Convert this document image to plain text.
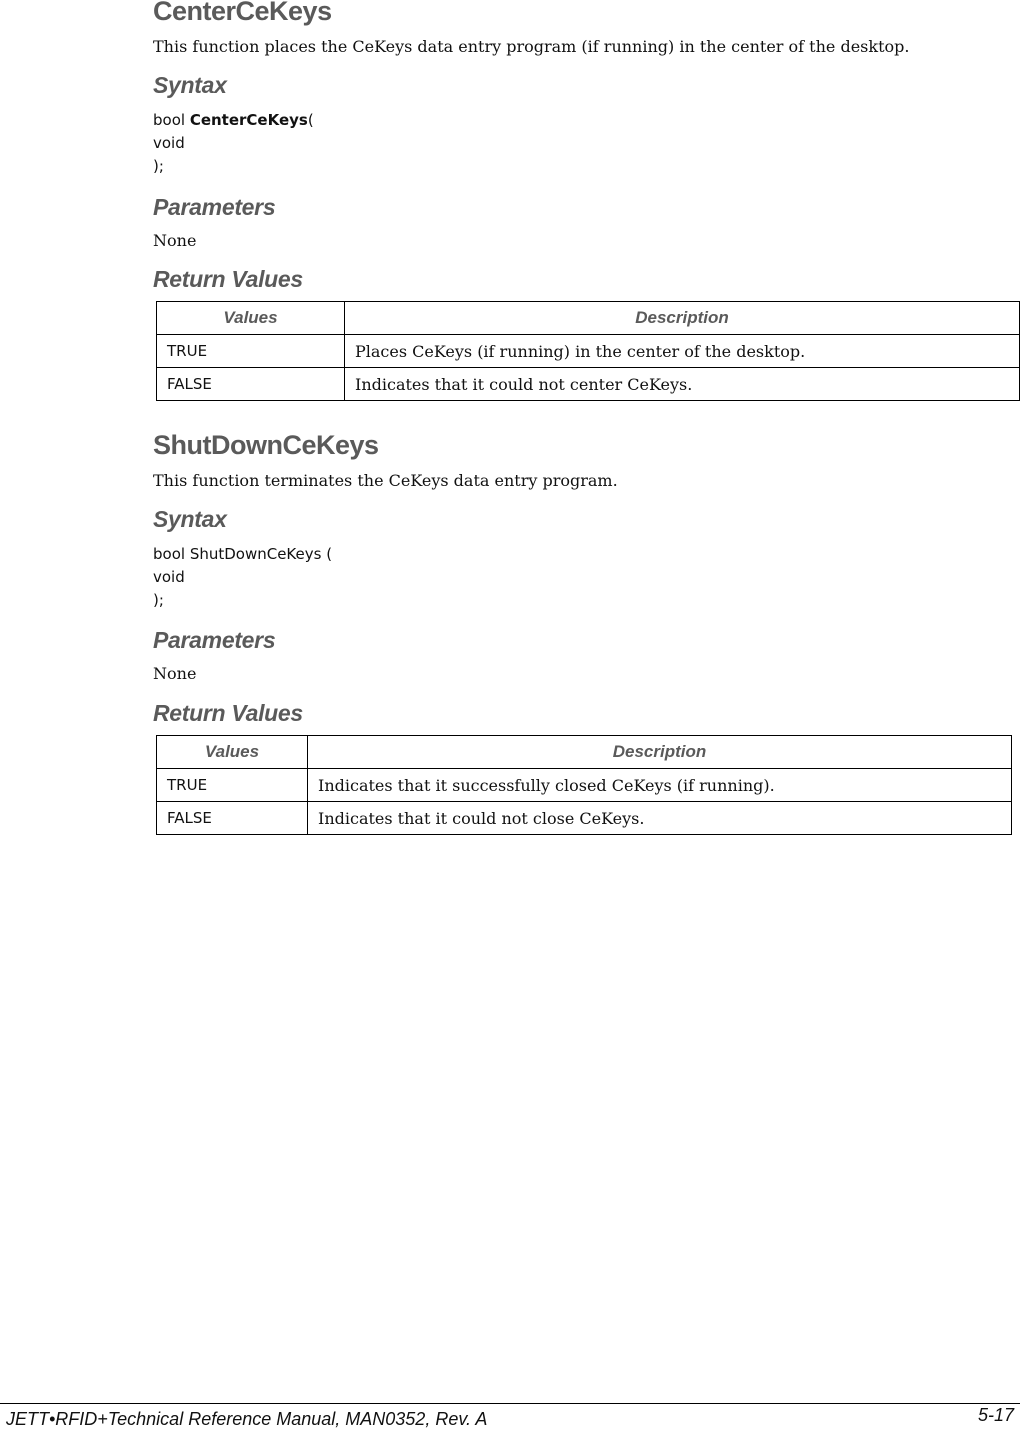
CenterCeKeys
This function places the CeKeys data entry program (if running) in the center of the desktop.
Syntax
bool CenterCeKeys(
void
);
Parameters
None
Return Values
Values	Description
TRUE	Places CeKeys (if running) in the center of the desktop.
FALSE	Indicates that it could not center CeKeys.
ShutDownCeKeys
This function terminates the CeKeys data entry program.
Syntax
bool ShutDownCeKeys (
void
);
Parameters
None
Return Values
Values	Description
TRUE	Indicates that it successfully closed CeKeys (if running).
FALSE	Indicates that it could not close CeKeys.
JETT•RFID+Technical Reference Manual, MAN0352, Rev. A	5-17
